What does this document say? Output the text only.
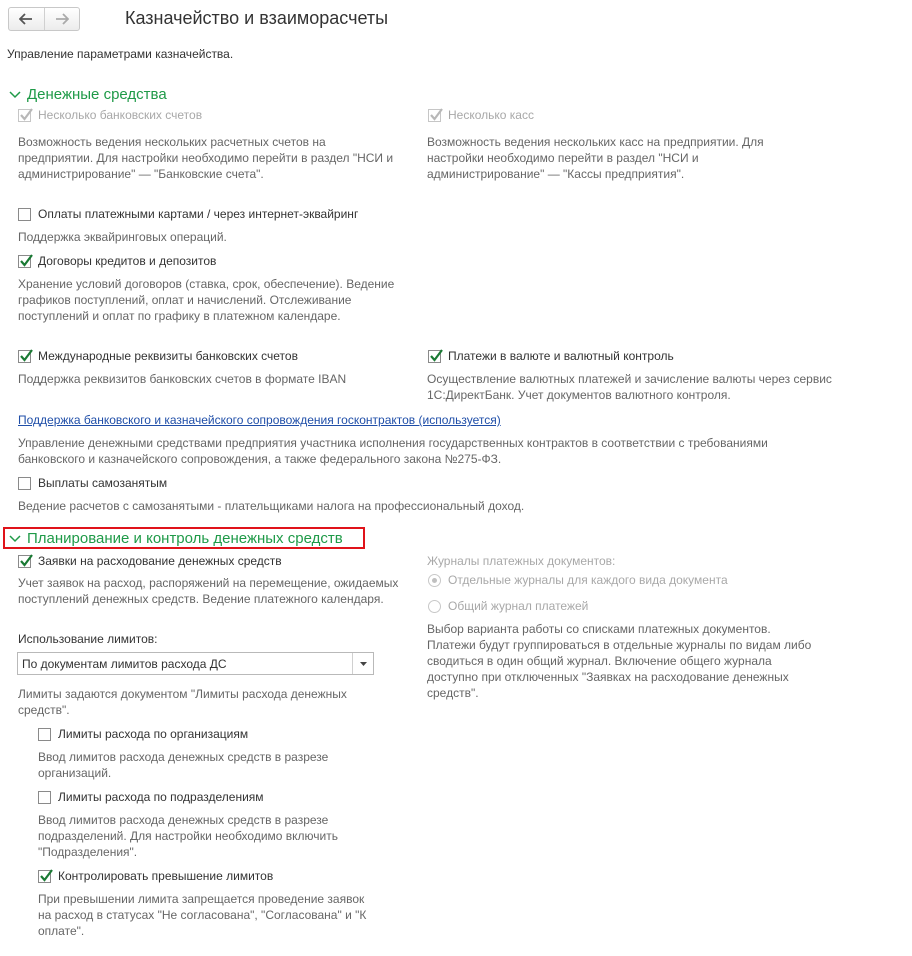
Казначейство и взаиморасчеты
Управление параметрами казначейства.
Денежные средства
Несколько банковских счетов
Возможность ведения нескольких расчетных счетов на предприятии. Для настройки необходимо перейти в раздел "НСИ и администрирование" — "Банковские счета".
Несколько касс
Возможность ведения нескольких касс на предприятии. Для настройки необходимо перейти в раздел "НСИ и администрирование" — "Кассы предприятия".
Оплаты платежными картами / через интернет-эквайринг
Поддержка эквайринговых операций.
Договоры кредитов и депозитов
Хранение условий договоров (ставка, срок, обеспечение). Ведение графиков поступлений, оплат и начислений. Отслеживание поступлений и оплат по графику в платежном календаре.
Международные реквизиты банковских счетов
Поддержка реквизитов банковских счетов в формате IBAN
Платежи в валюте и валютный контроль
Осуществление валютных платежей и зачисление валюты через сервис 1С:ДиректБанк. Учет документов валютного контроля.
Поддержка банковского и казначейского сопровождения госконтрактов (используется)
Управление денежными средствами предприятия участника исполнения государственных контрактов в соответствии с требованиями банковского и казначейского сопровождения, а также федерального закона №275-ФЗ.
Выплаты самозанятым
Ведение расчетов с самозанятыми - плательщиками налога на профессиональный доход.
Планирование и контроль денежных средств
Заявки на расходование денежных средств
Учет заявок на расход, распоряжений на перемещение, ожидаемых поступлений денежных средств. Ведение платежного календаря.
Использование лимитов:
По документам лимитов расхода ДС
Лимиты задаются документом "Лимиты расхода денежных средств".
Лимиты расхода по организациям
Ввод лимитов расхода денежных средств в разрезе организаций.
Лимиты расхода по подразделениям
Ввод лимитов расхода денежных средств в разрезе подразделений. Для настройки необходимо включить "Подразделения".
Контролировать превышение лимитов
При превышении лимита запрещается проведение заявок на расход в статусах "Не согласована", "Согласована" и "К оплате".
Журналы платежных документов:
Отдельные журналы для каждого вида документа
Общий журнал платежей
Выбор варианта работы со списками платежных документов. Платежи будут группироваться в отдельные журналы по видам либо сводиться в один общий журнал. Включение общего журнала доступно при отключенных "Заявках на расходование денежных средств".
